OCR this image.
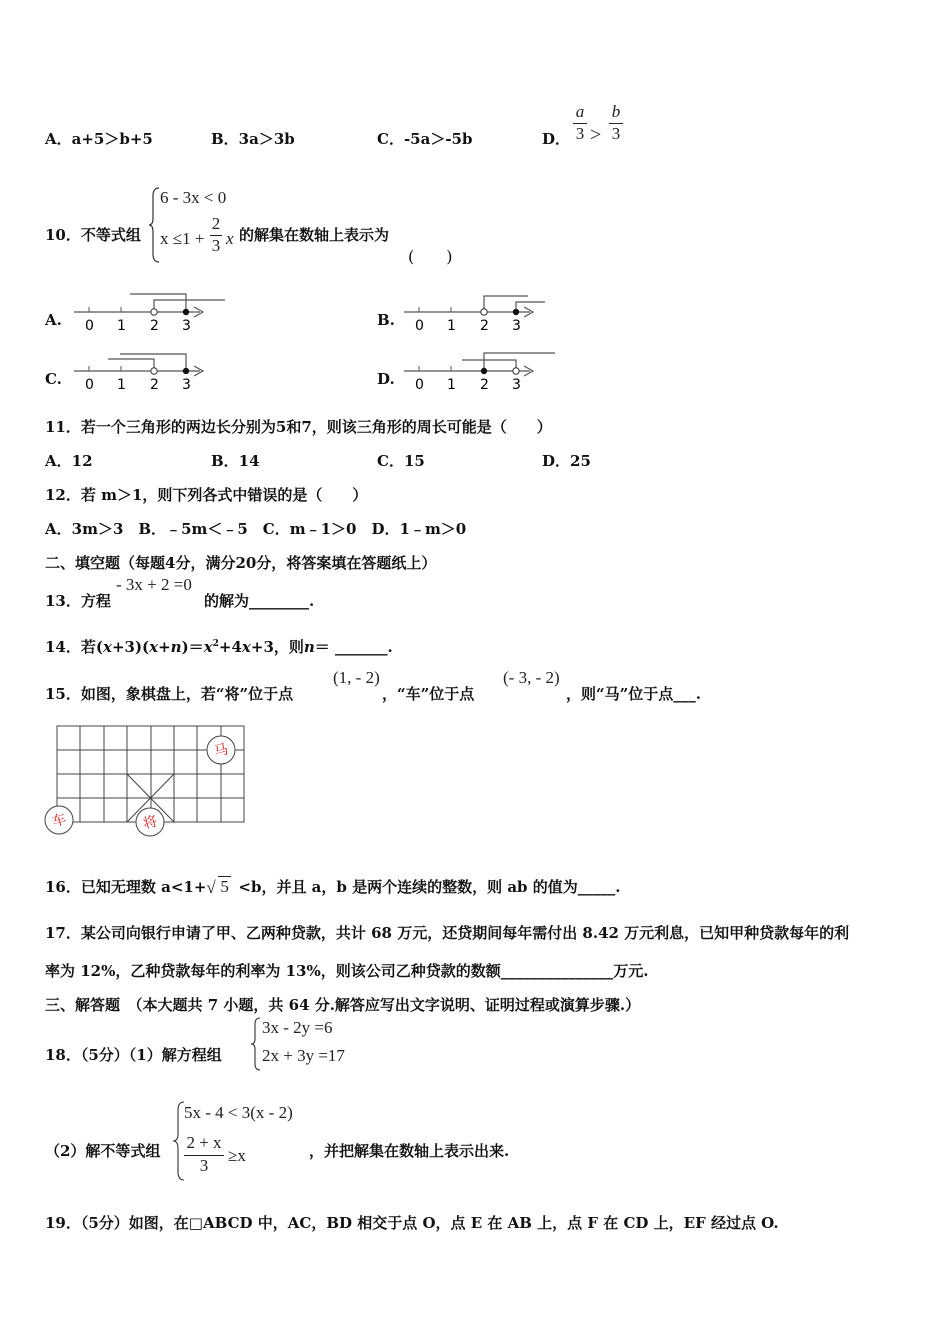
A．a+5＞b+5	B．3a＞3b	C．-5a＞-5b	D． $\frac{a}{3} > \frac{b}{3}$
10．不等式组
6 - 3x < 0
$x \le 1 + \frac{2}{3}$ x 的解集在数轴上表示为
(　　)
A. 0 1 2 3	B. 0 1 2 3
C. 0 1 2 3	D. 0 1 2 3
11．若一个三角形的两边长分别为5和7，则该三角形的周长可能是（　　）
A．12	B．14	C．15	D．25
12．若 m＞1，则下列各式中错误的是（　　）
A．3m＞3　B．﹣5m＜﹣5　C．m﹣1＞0　D．1﹣m＞0
二、填空题（每题4分，满分20分，将答案填在答题纸上）
13．方程
- 3x + 2 =0
的解为________.
14．若$(x+3)(x+n)=x^2+4x+3$，则n＝ _______.
15．如图，象棋盘上，若“将”位于点
(1, - 2)
，“车”位于点
(- 3, - 2)
，则“马”位于点___.
马
车	将
16．已知无理数 a<1+ √ 5 <b，并且 a，b 是两个连续的整数，则 ab 的值为_____.
17．某公司向银行申请了甲、乙两种贷款，共计 68 万元，还贷期间每年需付出 8.42 万元利息，已知甲种贷款每年的利
率为 12%，乙种贷款每年的利率为 13%，则该公司乙种贷款的数额_______________万元.
三、解答题　（本大题共 7 小题，共 64 分.解答应写出文字说明、证明过程或演算步骤.）
18．（5分）（1）解方程组
3x - 2y =6
2x + 3y =17
（2）解不等式组
5x - 4 < 3(x - 2)
$\frac{2 + x}{3} \ge x$	，并把解集在数轴上表示出来.
19．（5分）如图，在□ABCD 中，AC，BD 相交于点 O，点 E 在 AB 上，点 F 在 CD 上，EF 经过点 O.
